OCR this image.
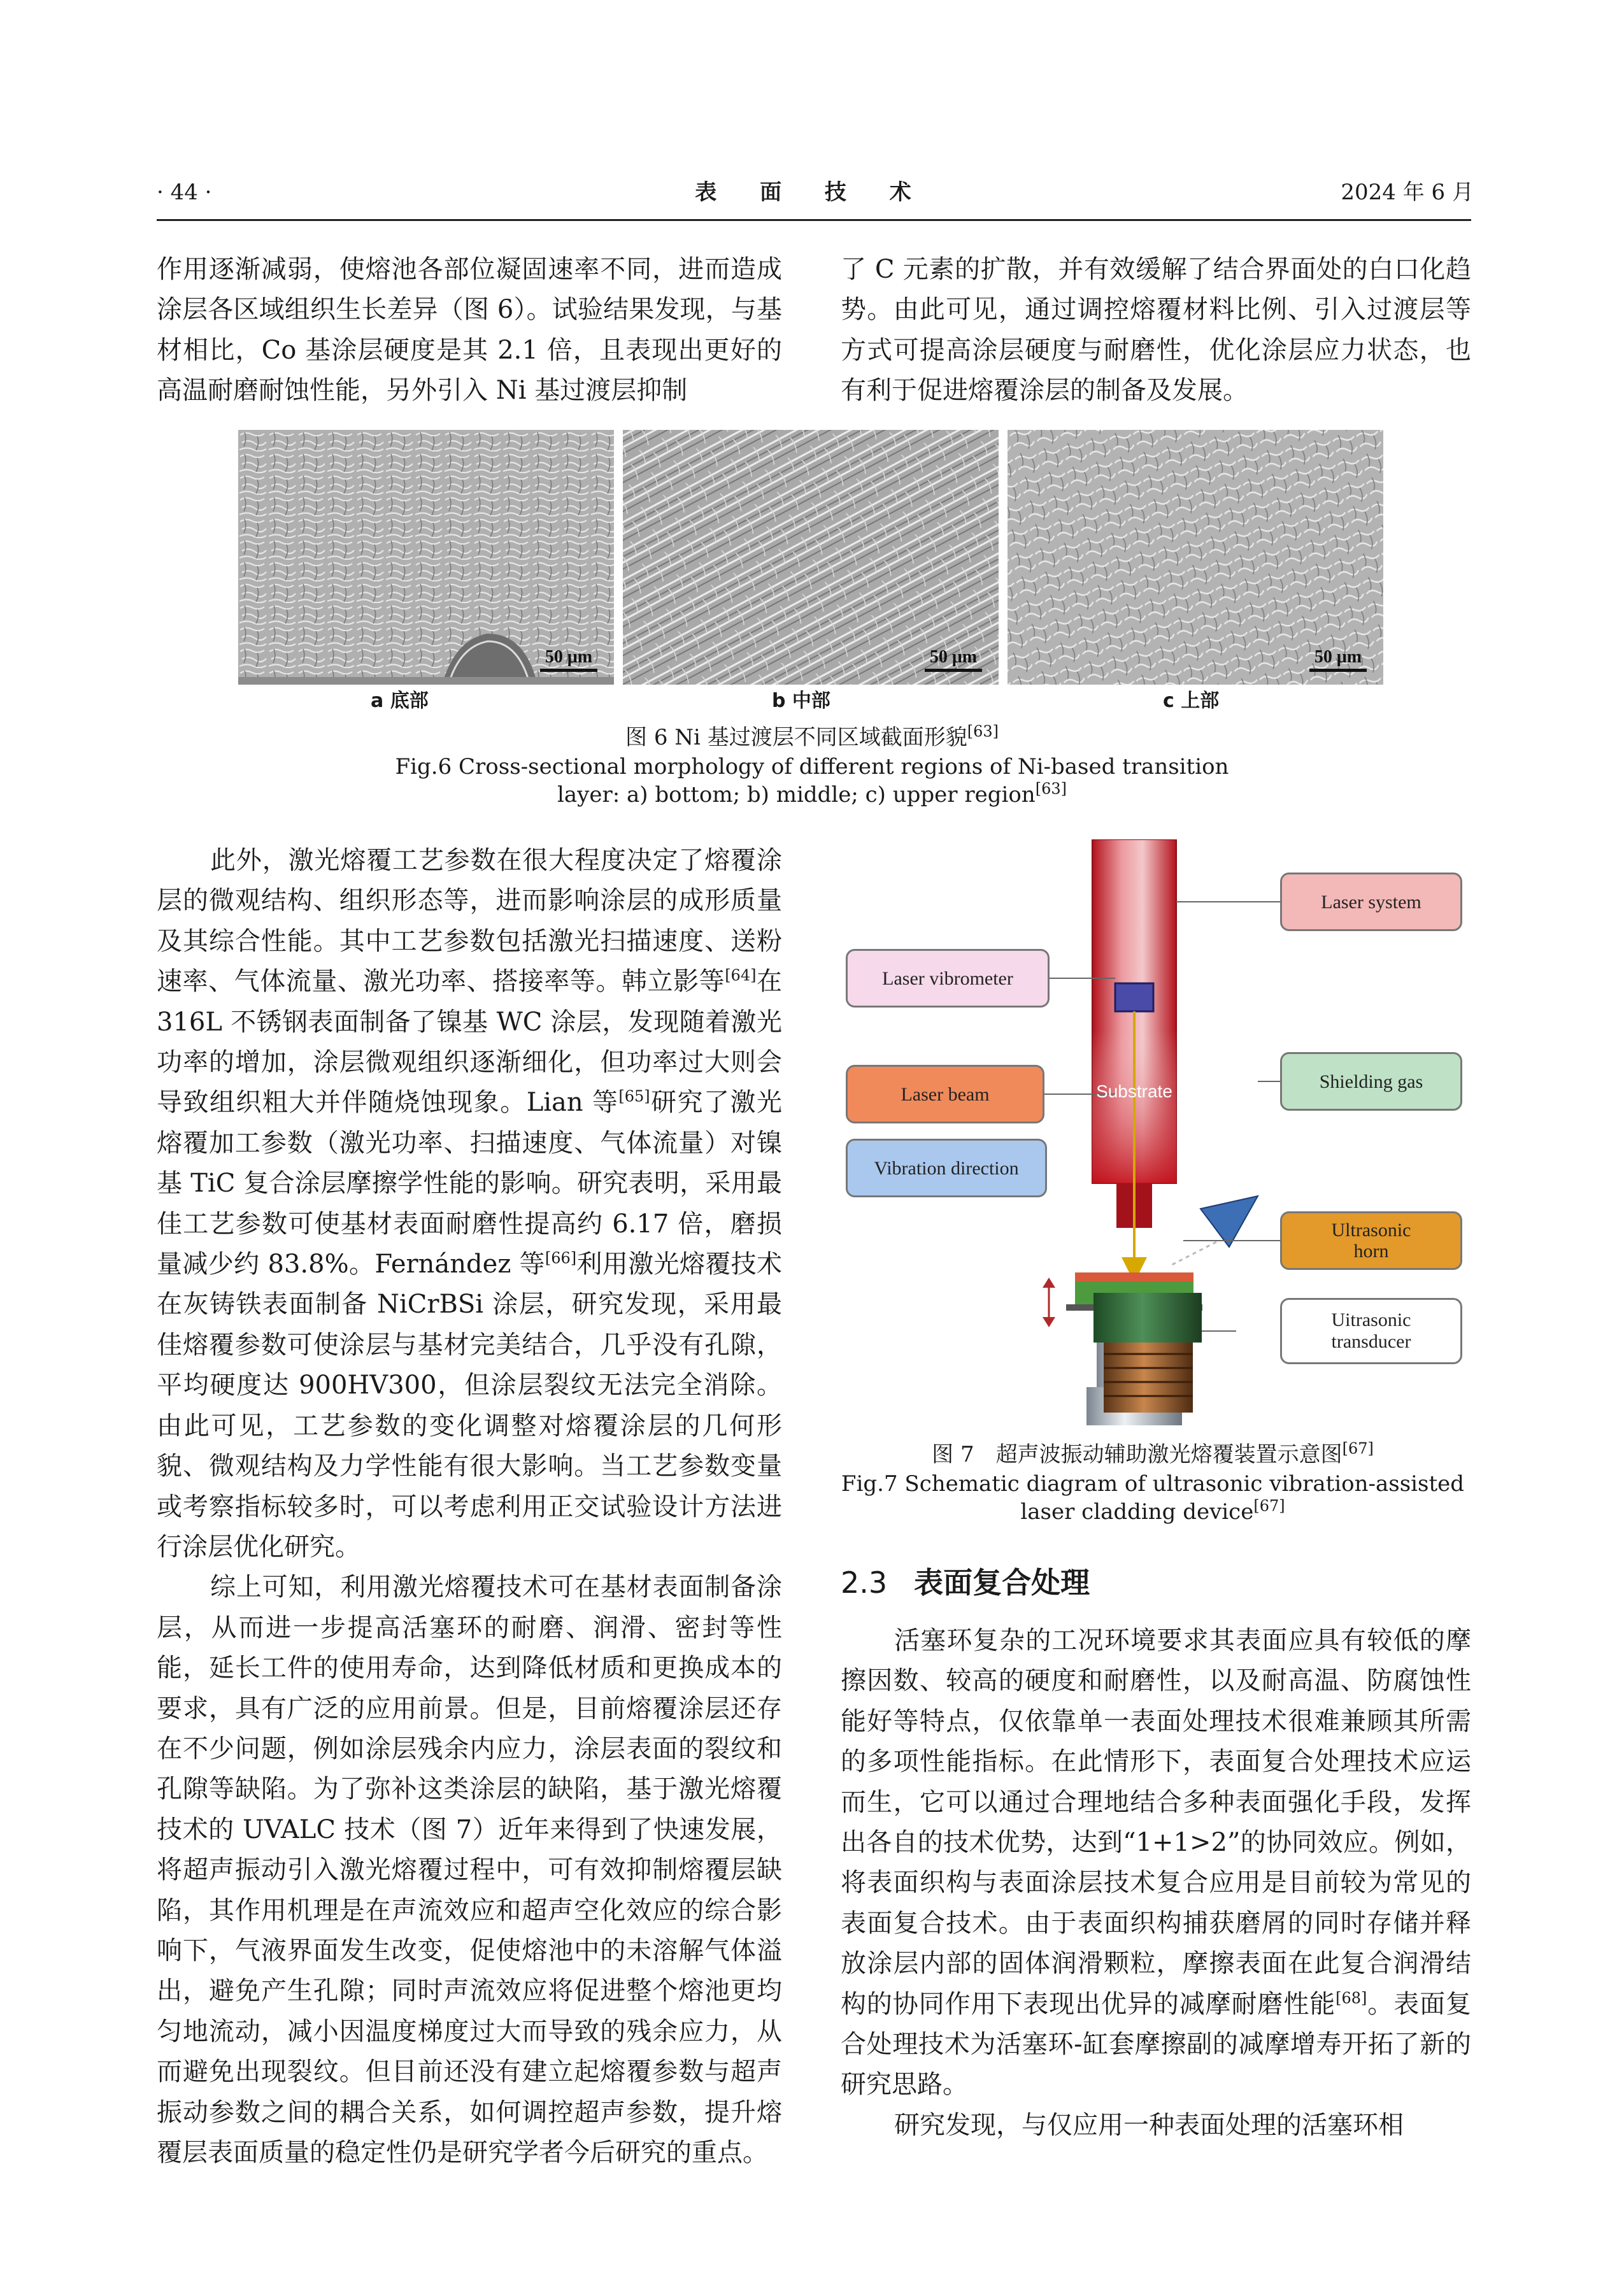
· 44 ·	表 面 技 术	2024 年 6 月

作用逐渐减弱，使熔池各部位凝固速率不同，进而造成涂层各区域组织生长差异（图 6）。试验结果发现，与基材相比，Co 基涂层硬度是其 2.1 倍，且表现出更好的高温耐磨耐蚀性能，另外引入 Ni 基过渡层抑制

了 C 元素的扩散，并有效缓解了结合界面处的白口化趋势。由此可见，通过调控熔覆材料比例、引入过渡层等方式可提高涂层硬度与耐磨性，优化涂层应力状态，也有利于促进熔覆涂层的制备及发展。

50 μm	50 μm	50 μm
a 底部	b 中部	c 上部
图 6 Ni 基过渡层不同区域截面形貌[63]
Fig.6 Cross-sectional morphology of different regions of Ni-based transition
layer: a) bottom; b) middle; c) upper region[63]

此外，激光熔覆工艺参数在很大程度决定了熔覆涂层的微观结构、组织形态等，进而影响涂层的成形质量及其综合性能。其中工艺参数包括激光扫描速度、送粉速率、气体流量、激光功率、搭接率等。韩立影等[64]在 316L 不锈钢表面制备了镍基 WC 涂层，发现随着激光功率的增加，涂层微观组织逐渐细化，但功率过大则会导致组织粗大并伴随烧蚀现象。Lian 等[65]研究了激光熔覆加工参数（激光功率、扫描速度、气体流量）对镍基 TiC 复合涂层摩擦学性能的影响。研究表明，采用最佳工艺参数可使基材表面耐磨性提高约 6.17 倍，磨损量减少约 83.8%。Fernández 等[66]利用激光熔覆技术在灰铸铁表面制备 NiCrBSi 涂层，研究发现，采用最佳熔覆参数可使涂层与基材完美结合，几乎没有孔隙，平均硬度达 900HV300，但涂层裂纹无法完全消除。由此可见，工艺参数的变化调整对熔覆涂层的几何形貌、微观结构及力学性能有很大影响。当工艺参数变量或考察指标较多时，可以考虑利用正交试验设计方法进行涂层优化研究。

综上可知，利用激光熔覆技术可在基材表面制备涂层，从而进一步提高活塞环的耐磨、润滑、密封等性能，延长工件的使用寿命，达到降低材质和更换成本的要求，具有广泛的应用前景。但是，目前熔覆涂层还存在不少问题，例如涂层残余内应力，涂层表面的裂纹和孔隙等缺陷。为了弥补这类涂层的缺陷，基于激光熔覆技术的 UVALC 技术（图 7）近年来得到了快速发展，将超声振动引入激光熔覆过程中，可有效抑制熔覆层缺陷，其作用机理是在声流效应和超声空化效应的综合影响下，气液界面发生改变，促使熔池中的未溶解气体溢出，避免产生孔隙；同时声流效应将促进整个熔池更均匀地流动，减小因温度梯度过大而导致的残余应力，从而避免出现裂纹。但目前还没有建立起熔覆参数与超声振动参数之间的耦合关系，如何调控超声参数，提升熔覆层表面质量的稳定性仍是研究学者今后研究的重点。

Laser system
Laser vibrometer
Shielding gas
Laser beam
Vibration direction
Substrate
Ultrasonic
horn
Uitrasonic
transducer
图 7　超声波振动辅助激光熔覆装置示意图[67]
Fig.7 Schematic diagram of ultrasonic vibration-assisted
laser cladding device[67]
2.3 表面复合处理

活塞环复杂的工况环境要求其表面应具有较低的摩擦因数、较高的硬度和耐磨性，以及耐高温、防腐蚀性能好等特点，仅依靠单一表面处理技术很难兼顾其所需的多项性能指标。在此情形下，表面复合处理技术应运而生，它可以通过合理地结合多种表面强化手段，发挥出各自的技术优势，达到“1+1>2”的协同效应。例如，将表面织构与表面涂层技术复合应用是目前较为常见的表面复合技术。由于表面织构捕获磨屑的同时存储并释放涂层内部的固体润滑颗粒，摩擦表面在此复合润滑结构的协同作用下表现出优异的减摩耐磨性能[68]。表面复合处理技术为活塞环-缸套摩擦副的减摩增寿开拓了新的研究思路。

研究发现，与仅应用一种表面处理的活塞环相
